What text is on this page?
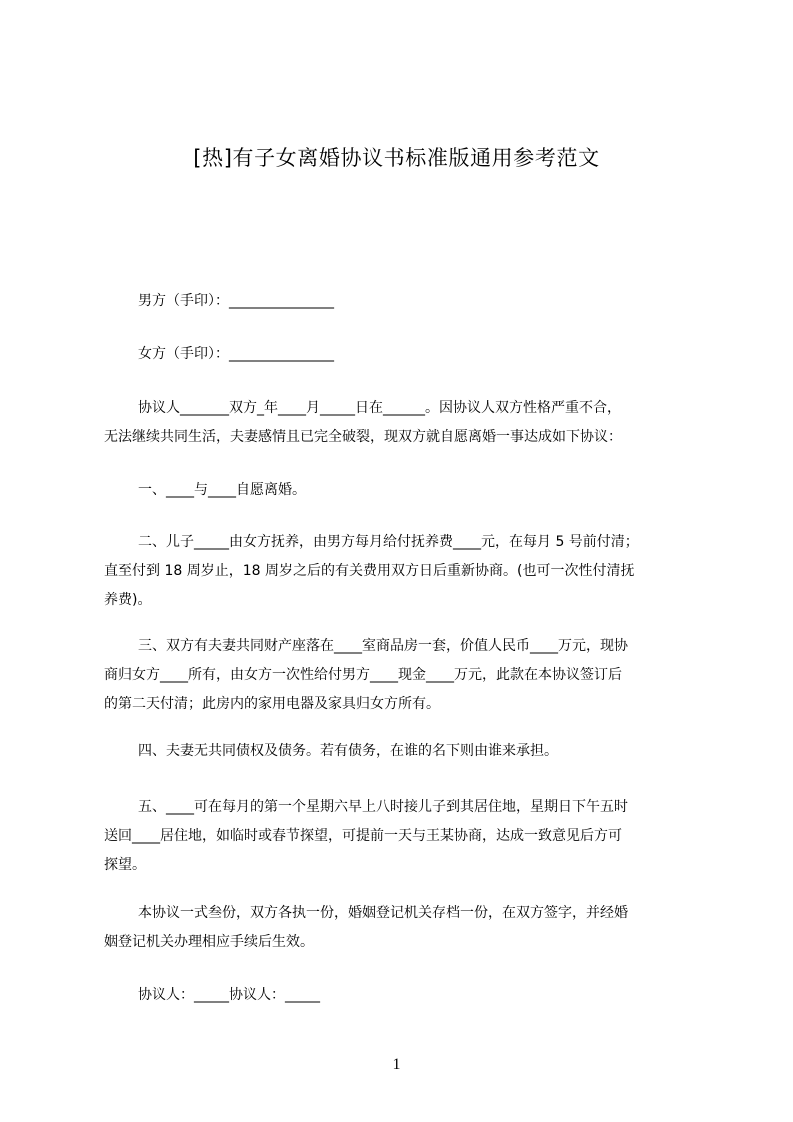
[热]有子女离婚协议书标准版通用参考范文

男方（手印）：_______________

女方（手印）：_______________

协议人_______双方_年____月_____日在______。因协议人双方性格严重不合，

无法继续共同生活，夫妻感情且已完全破裂，现双方就自愿离婚一事达成如下协议：

一、____与____自愿离婚。

二、儿子_____由女方抚养，由男方每月给付抚养费____元，在每月 5 号前付清；

直至付到 18 周岁止，18 周岁之后的有关费用双方日后重新协商。(也可一次性付清抚

养费)。

三、双方有夫妻共同财产座落在____室商品房一套，价值人民币____万元，现协

商归女方____所有，由女方一次性给付男方____现金____万元，此款在本协议签订后

的第二天付清；此房内的家用电器及家具归女方所有。

四、夫妻无共同债权及债务。若有债务，在谁的名下则由谁来承担。

五、____可在每月的第一个星期六早上八时接儿子到其居住地，星期日下午五时

送回____居住地，如临时或春节探望，可提前一天与王某协商，达成一致意见后方可

探望。

本协议一式叁份，双方各执一份，婚姻登记机关存档一份，在双方签字，并经婚

姻登记机关办理相应手续后生效。

协议人：_____协议人：_____

1
